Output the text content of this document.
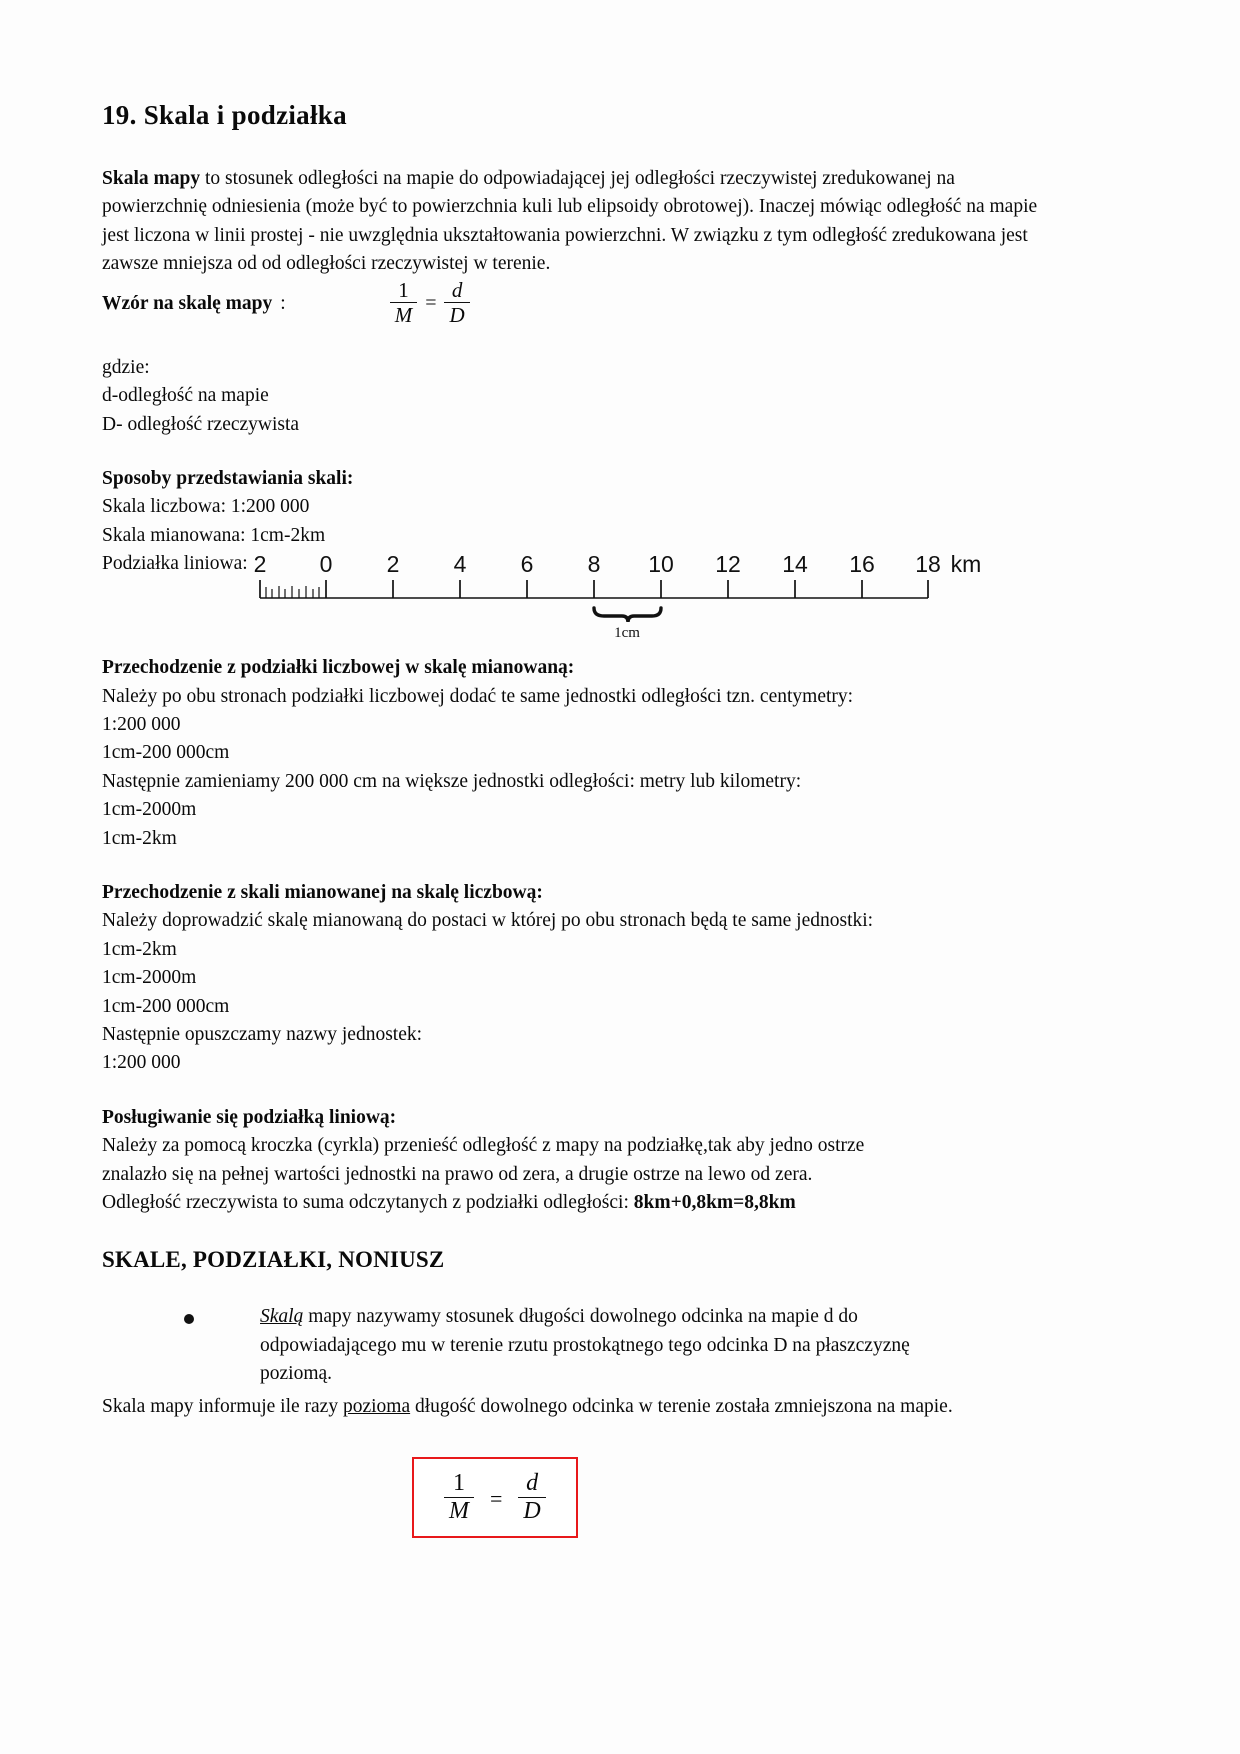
19. Skala i podziałka

Skala mapy to stosunek odległości na mapie do odpowiadającej jej odległości rzeczywistej zredukowanej na powierzchnię odniesienia (może być to powierzchnia kuli lub elipsoidy obrotowej). Inaczej mówiąc odległość na mapie jest liczona w linii prostej - nie uwzględnia ukształtowania powierzchni. W związku z tym odległość zredukowana jest zawsze mniejsza od od odległości rzeczywistej w terenie.

Wzór na skalę mapy :	$\frac{1}{M} = \frac{d}{D}$
gdzie:
d-odległość na mapie
D- odległość rzeczywista
Sposoby przedstawiania skali:
Skala liczbowa: 1:200 000
Skala mianowana: 1cm-2km
Podziałka liniowa:
1cm
2 0 2 4 6 8 10 12 14 16 18 km
Przechodzenie z podziałki liczbowej w skalę mianowaną:
Należy po obu stronach podziałki liczbowej dodać te same jednostki odległości tzn. centymetry:
1:200 000
1cm-200 000cm
Następnie zamieniamy 200 000 cm na większe jednostki odległości: metry lub kilometry:
1cm-2000m
1cm-2km
Przechodzenie z skali mianowanej na skalę liczbową:
Należy doprowadzić skalę mianowaną do postaci w której po obu stronach będą te same jednostki:
1cm-2km
1cm-2000m
1cm-200 000cm
Następnie opuszczamy nazwy jednostek:
1:200 000
Posługiwanie się podziałką liniową:
Należy za pomocą kroczka (cyrkla) przenieść odległość z mapy na podziałkę,tak aby jedno ostrze
znalazło się na pełnej wartości jednostki na prawo od zera, a drugie ostrze na lewo od zera.
Odległość rzeczywista to suma odczytanych z podziałki odległości: 8km+0,8km=8,8km
SKALE, PODZIAŁKI, NONIUSZ
Skalą mapy nazywamy stosunek długości dowolnego odcinka na mapie d do odpowiadającego mu w terenie rzutu prostokątnego tego odcinka D na płaszczyznę poziomą.

Skala mapy informuje ile razy pozioma długość dowolnego odcinka w terenie została zmniejszona na mapie.

$\frac{1}{M} = \frac{d}{D}$
